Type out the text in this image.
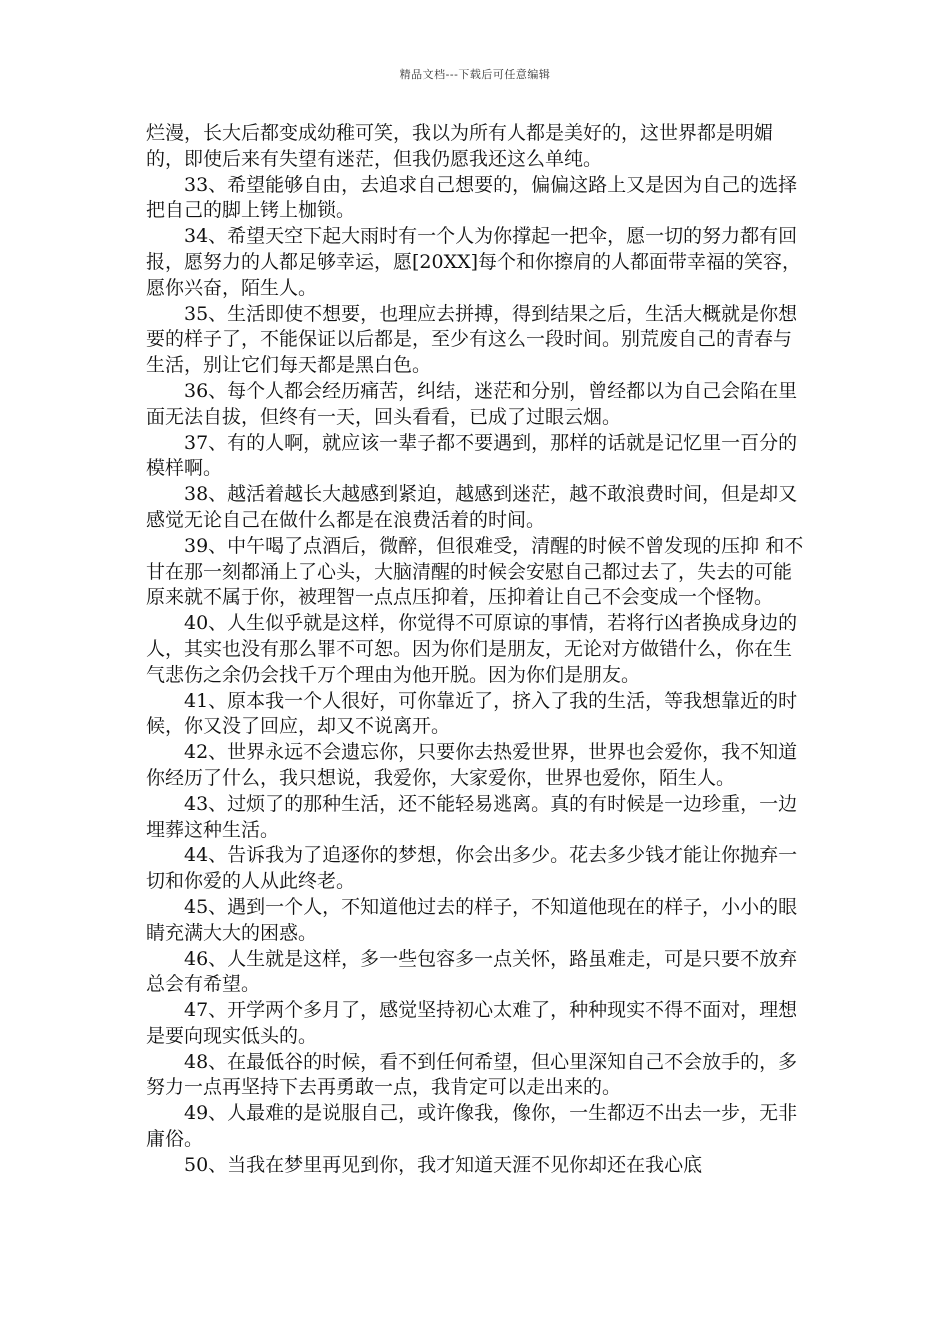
精品文档---下载后可任意编辑

烂漫，长大后都变成幼稚可笑，我以为所有人都是美好的，这世界都是明媚的，即使后来有失望有迷茫，但我仍愿我还这么单纯。

33、希望能够自由，去追求自己想要的，偏偏这路上又是因为自己的选择把自己的脚上铐上枷锁。

34、希望天空下起大雨时有一个人为你撑起一把伞，愿一切的努力都有回报，愿努力的人都足够幸运，愿[20XX]每个和你擦肩的人都面带幸福的笑容，愿你兴奋，陌生人。

35、生活即使不想要，也理应去拼搏，得到结果之后，生活大概就是你想要的样子了，不能保证以后都是，至少有这么一段时间。别荒废自己的青春与生活，别让它们每天都是黑白色。

36、每个人都会经历痛苦，纠结，迷茫和分别，曾经都以为自己会陷在里面无法自拔，但终有一天，回头看看，已成了过眼云烟。

37、有的人啊，就应该一辈子都不要遇到，那样的话就是记忆里一百分的模样啊。

38、越活着越长大越感到紧迫，越感到迷茫，越不敢浪费时间，但是却又感觉无论自己在做什么都是在浪费活着的时间。

39、中午喝了点酒后，微醉，但很难受，清醒的时候不曾发现的压抑 和不甘在那一刻都涌上了心头，大脑清醒的时候会安慰自己都过去了，失去的可能原来就不属于你，被理智一点点压抑着，压抑着让自己不会变成一个怪物。

40、人生似乎就是这样，你觉得不可原谅的事情，若将行凶者换成身边的人，其实也没有那么罪不可恕。因为你们是朋友，无论对方做错什么，你在生气悲伤之余仍会找千万个理由为他开脱。因为你们是朋友。

41、原本我一个人很好，可你靠近了，挤入了我的生活，等我想靠近的时候，你又没了回应，却又不说离开。

42、世界永远不会遗忘你，只要你去热爱世界，世界也会爱你，我不知道你经历了什么，我只想说，我爱你，大家爱你，世界也爱你，陌生人。

43、过烦了的那种生活，还不能轻易逃离。真的有时候是一边珍重，一边埋葬这种生活。

44、告诉我为了追逐你的梦想，你会出多少。花去多少钱才能让你抛弃一切和你爱的人从此终老。

45、遇到一个人，不知道他过去的样子，不知道他现在的样子，小小的眼睛充满大大的困惑。

46、人生就是这样，多一些包容多一点关怀，路虽难走，可是只要不放弃总会有希望。

47、开学两个多月了，感觉坚持初心太难了，种种现实不得不面对，理想是要向现实低头的。

48、在最低谷的时候，看不到任何希望，但心里深知自己不会放手的，多努力一点再坚持下去再勇敢一点，我肯定可以走出来的。

49、人最难的是说服自己，或许像我，像你，一生都迈不出去一步，无非庸俗。

50、当我在梦里再见到你，我才知道天涯不见你却还在我心底
